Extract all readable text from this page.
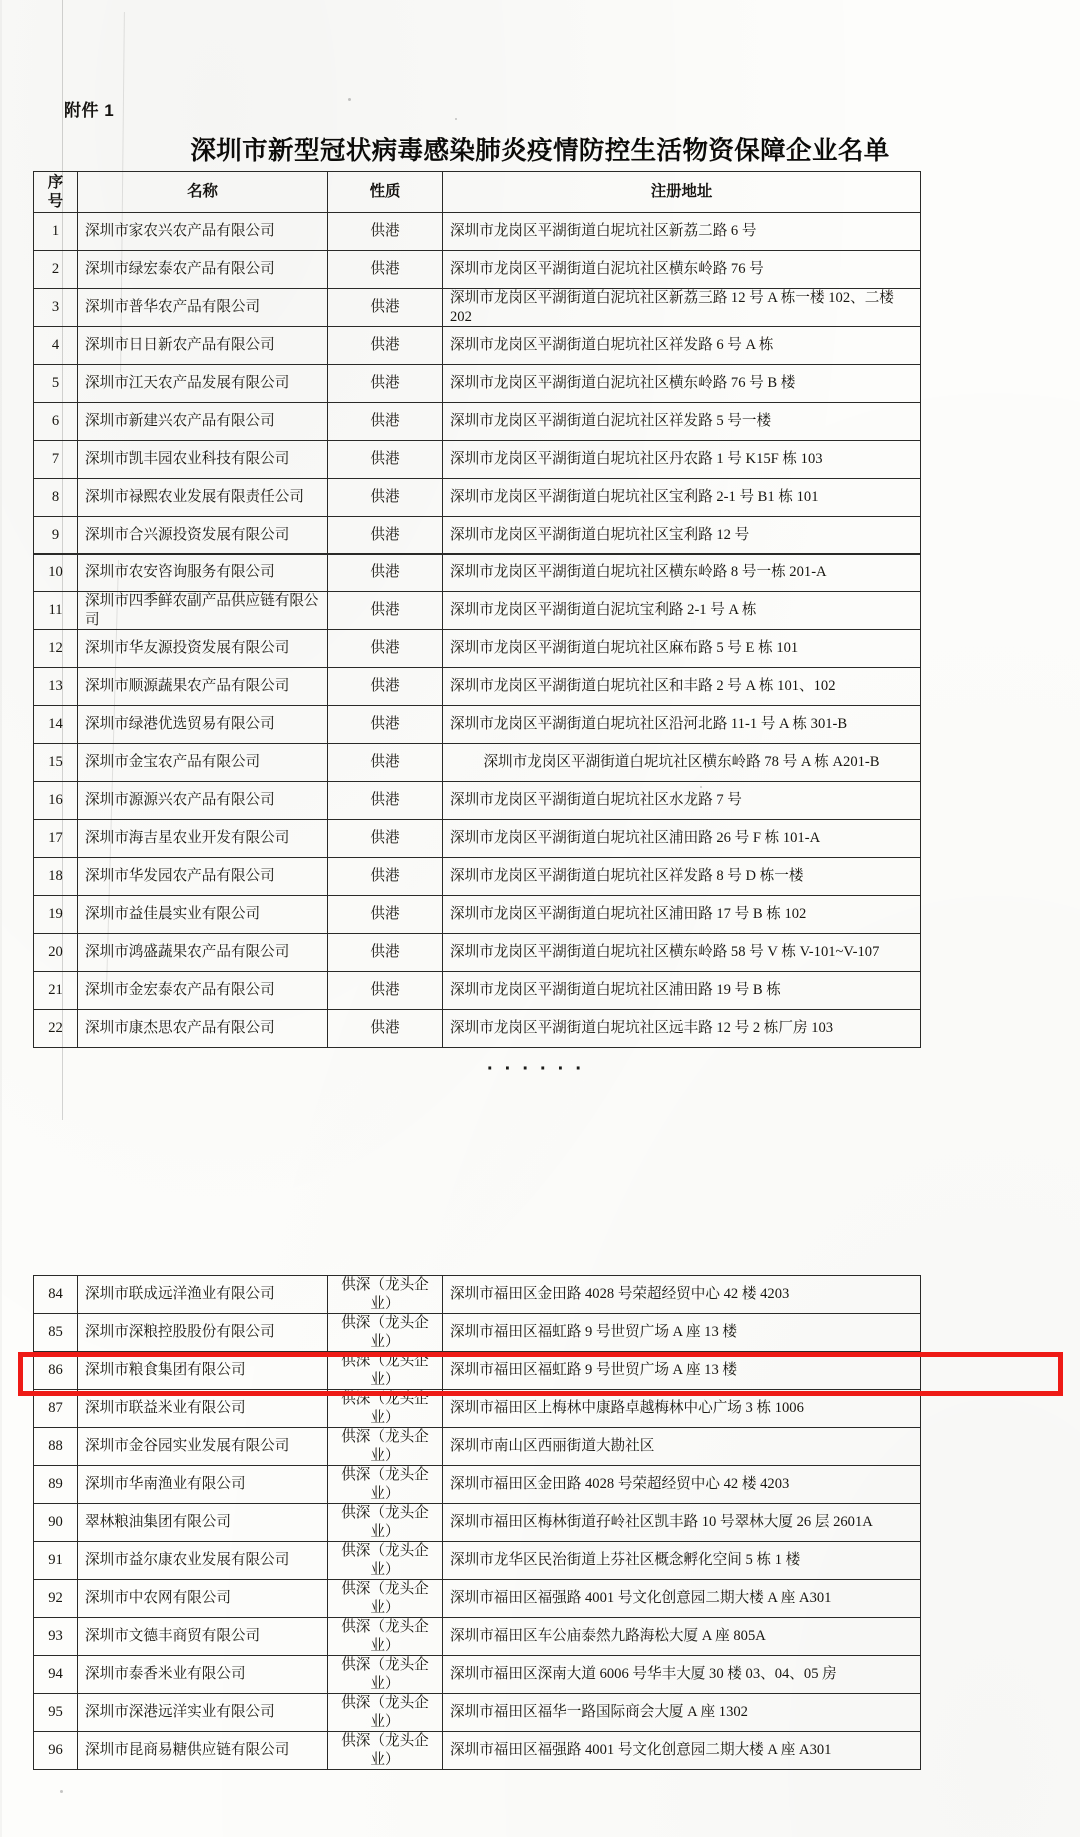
附件 1
深圳市新型冠状病毒感染肺炎疫情防控生活物资保障企业名单
序号	名称	性质	注册地址
1	深圳市家农兴农产品有限公司	供港	深圳市龙岗区平湖街道白坭坑社区新荔二路 6 号
2	深圳市绿宏泰农产品有限公司	供港	深圳市龙岗区平湖街道白泥坑社区横东岭路 76 号
3	深圳市普华农产品有限公司	供港	深圳市龙岗区平湖街道白泥坑社区新荔三路 12 号 A 栋一楼 102、二楼 202
4	深圳市日日新农产品有限公司	供港	深圳市龙岗区平湖街道白坭坑社区祥发路 6 号 A 栋
5	深圳市江天农产品发展有限公司	供港	深圳市龙岗区平湖街道白泥坑社区横东岭路 76 号 B 楼
6	深圳市新建兴农产品有限公司	供港	深圳市龙岗区平湖街道白泥坑社区祥发路 5 号一楼
7	深圳市凯丰园农业科技有限公司	供港	深圳市龙岗区平湖街道白坭坑社区丹农路 1 号 K15F 栋 103
8	深圳市禄熙农业发展有限责任公司	供港	深圳市龙岗区平湖街道白坭坑社区宝利路 2-1 号 B1 栋 101
9	深圳市合兴源投资发展有限公司	供港	深圳市龙岗区平湖街道白坭坑社区宝利路 12 号
10	深圳市农安咨询服务有限公司	供港	深圳市龙岗区平湖街道白坭坑社区横东岭路 8 号一栋 201-A
11	深圳市四季鲜农副产品供应链有限公司	供港	深圳市龙岗区平湖街道白泥坑宝利路 2-1 号 A 栋
12	深圳市华友源投资发展有限公司	供港	深圳市龙岗区平湖街道白坭坑社区麻布路 5 号 E 栋 101
13	深圳市顺源蔬果农产品有限公司	供港	深圳市龙岗区平湖街道白坭坑社区和丰路 2 号 A 栋 101、102
14	深圳市绿港优选贸易有限公司	供港	深圳市龙岗区平湖街道白坭坑社区沿河北路 11-1 号 A 栋 301-B
15	深圳市金宝农产品有限公司	供港	深圳市龙岗区平湖街道白坭坑社区横东岭路 78 号 A 栋 A201-B
16	深圳市源源兴农产品有限公司	供港	深圳市龙岗区平湖街道白坭坑社区水龙路 7 号
17	深圳市海吉星农业开发有限公司	供港	深圳市龙岗区平湖街道白坭坑社区浦田路 26 号 F 栋 101-A
18	深圳市华发园农产品有限公司	供港	深圳市龙岗区平湖街道白坭坑社区祥发路 8 号 D 栋一楼
19	深圳市益佳晨实业有限公司	供港	深圳市龙岗区平湖街道白坭坑社区浦田路 17 号 B 栋 102
20	深圳市鸿盛蔬果农产品有限公司	供港	深圳市龙岗区平湖街道白坭坑社区横东岭路 58 号 V 栋 V-101~V-107
21	深圳市金宏泰农产品有限公司	供港	深圳市龙岗区平湖街道白坭坑社区浦田路 19 号 B 栋
22	深圳市康杰思农产品有限公司	供港	深圳市龙岗区平湖街道白坭坑社区远丰路 12 号 2 栋厂房 103
······
84	深圳市联成远洋渔业有限公司	供深（龙头企业）	深圳市福田区金田路 4028 号荣超经贸中心 42 楼 4203
85	深圳市深粮控股股份有限公司	供深（龙头企业）	深圳市福田区福虹路 9 号世贸广场 A 座 13 楼
86	深圳市粮食集团有限公司	供深（龙头企业）	深圳市福田区福虹路 9 号世贸广场 A 座 13 楼
87	深圳市联益米业有限公司	供深（龙头企业）	深圳市福田区上梅林中康路卓越梅林中心广场 3 栋 1006
88	深圳市金谷园实业发展有限公司	供深（龙头企业）	深圳市南山区西丽街道大勘社区
89	深圳市华南渔业有限公司	供深（龙头企业）	深圳市福田区金田路 4028 号荣超经贸中心 42 楼 4203
90	翠林粮油集团有限公司	供深（龙头企业）	深圳市福田区梅林街道孖岭社区凯丰路 10 号翠林大厦 26 层 2601A
91	深圳市益尔康农业发展有限公司	供深（龙头企业）	深圳市龙华区民治街道上芬社区概念孵化空间 5 栋 1 楼
92	深圳市中农网有限公司	供深（龙头企业）	深圳市福田区福强路 4001 号文化创意园二期大楼 A 座 A301
93	深圳市文德丰商贸有限公司	供深（龙头企业）	深圳市福田区车公庙泰然九路海松大厦 A 座 805A
94	深圳市泰香米业有限公司	供深（龙头企业）	深圳市福田区深南大道 6006 号华丰大厦 30 楼 03、04、05 房
95	深圳市深港远洋实业有限公司	供深（龙头企业）	深圳市福田区福华一路国际商会大厦 A 座 1302
96	深圳市昆商易糖供应链有限公司	供深（龙头企业）	深圳市福田区福强路 4001 号文化创意园二期大楼 A 座 A301
